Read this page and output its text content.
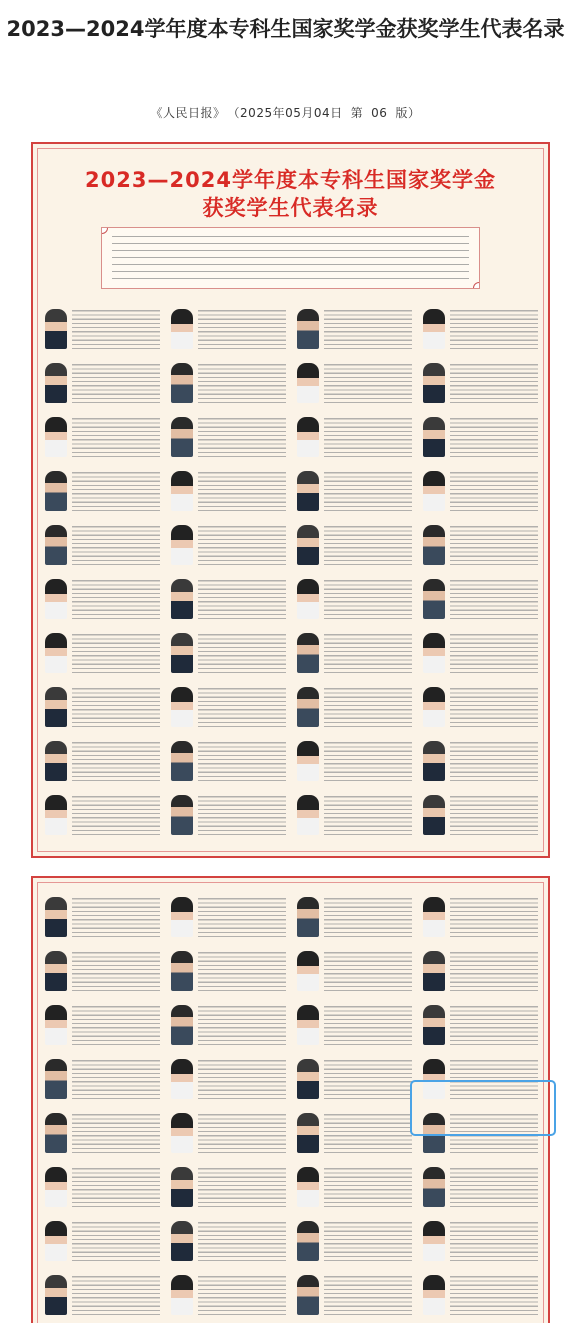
2023—2024学年度本专科生国家奖学金获奖学生代表名录
《人民日报》 （2025年05月04日 第 06 版）
2023—2024学年度本专科生国家奖学金
获奖学生代表名录
